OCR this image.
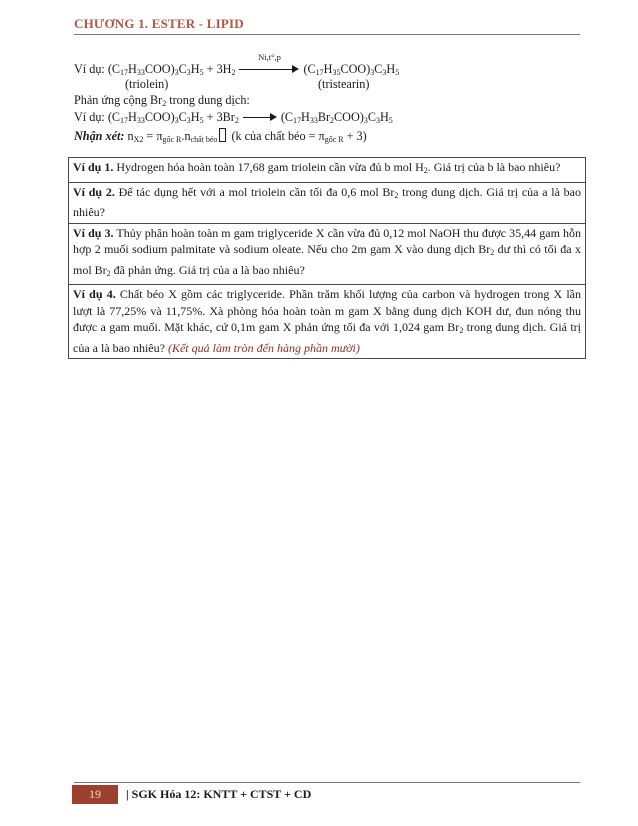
CHƯƠNG 1. ESTER - LIPID
Ví dụ: $(C_{17}H_{33}COO)_3C_3H_5 + 3H_2$
Ni,t°,p
$(C_{17}H_{35}COO)_3C_3H_5$
(triolein)	(tristearin)
Phản ứng cộng $Br_2$ trong dung dịch:
Ví dụ: $(C_{17}H_{33}COO)_3C_3H_5 + 3Br_2$	$(C_{17}H_{33}Br_2COO)_3C_3H_5$
Nhận xét: $n_{X2} = \pi_{gốc R}.n_{chất béo}$ (k của chất béo = $\pi_{gốc R} + 3$)
Ví dụ 1. Hydrogen hóa hoàn toàn 17,68 gam triolein cần vừa đủ b mol $H_2$. Giá trị của b là bao nhiêu?
Ví dụ 2. Để tác dụng hết với a mol triolein cần tối đa 0,6 mol $Br_2$ trong dung dịch. Giá trị của a là bao nhiêu?
Ví dụ 3. Thủy phân hoàn toàn m gam triglyceride X cần vừa đủ 0,12 mol NaOH thu được 35,44 gam hỗn hợp 2 muối sodium palmitate và sodium oleate. Nếu cho 2m gam X vào dung dịch $Br_2$ dư thì có tối đa x mol $Br_2$ đã phản ứng. Giá trị của a là bao nhiêu?
Ví dụ 4. Chất béo X gồm các triglyceride. Phần trăm khối lượng của carbon và hydrogen trong X lần lượt là 77,25% và 11,75%. Xà phòng hóa hoàn toàn m gam X bằng dung dịch KOH dư, đun nóng thu được a gam muối. Mặt khác, cứ 0,1m gam X phản ứng tối đa với 1,024 gam $Br_2$ trong dung dịch. Giá trị của a là bao nhiêu? (Kết quả làm tròn đến hàng phần mười)
19	| SGK Hóa 12: KNTT + CTST + CD
